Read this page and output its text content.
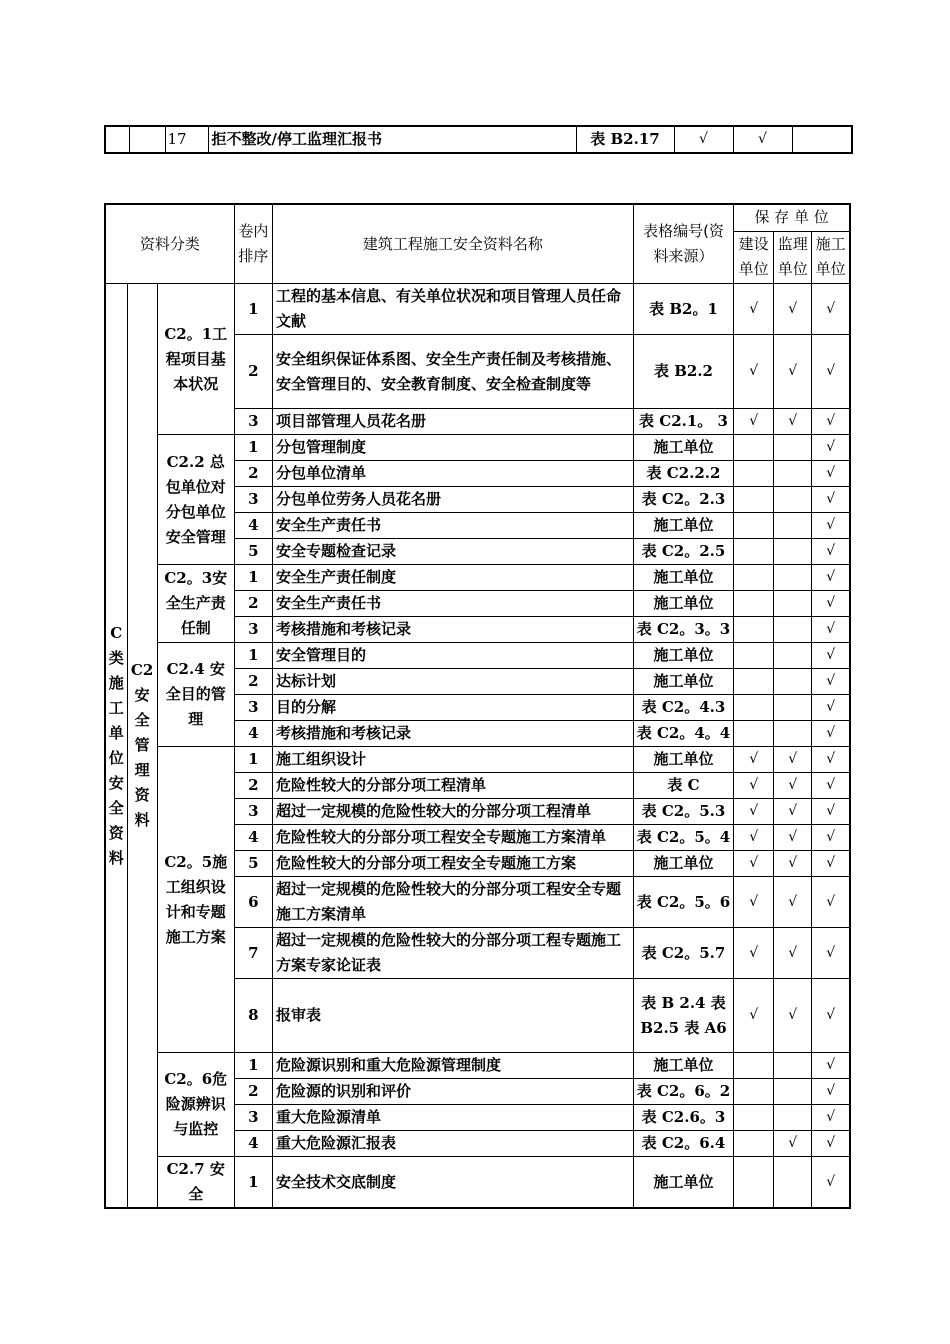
		17	拒不整改/停工监理汇报书	表 B2.17	√	√	
资料分类			卷内排序	建筑工程施工安全资料名称	表格编号(资料来源）	保 存 单 位		
						建设单位	监理单位	施工单位
C类施工单位安全资料	C2安全管理资料	C2。1工程项目基本状况	1	工程的基本信息、有关单位状况和项目管理人员任命文献	表 B2。1	√	√	√
			2	安全组织保证体系图、安全生产责任制及考核措施、安全管理目的、安全教育制度、安全检查制度等	表 B2.2	√	√	√
			3	项目部管理人员花名册	表 C2.1。 3	√	√	√
		C2.2 总包单位对分包单位安全管理	1	分包管理制度	施工单位			√
			2	分包单位清单	表 C2.2.2			√
			3	分包单位劳务人员花名册	表 C2。2.3			√
			4	安全生产责任书	施工单位			√
			5	安全专题检查记录	表 C2。2.5			√
		C2。3安全生产责任制	1	安全生产责任制度	施工单位			√
			2	安全生产责任书	施工单位			√
			3	考核措施和考核记录	表 C2。3。3			√
		C2.4 安全目的管理	1	安全管理目的	施工单位			√
			2	达标计划	施工单位			√
			3	目的分解	表 C2。4.3			√
			4	考核措施和考核记录	表 C2。4。4			√
		C2。5施工组织设计和专题施工方案	1	施工组织设计	施工单位	√	√	√
			2	危险性较大的分部分项工程清单	表 C	√	√	√
			3	超过一定规模的危险性较大的分部分项工程清单	表 C2。5.3	√	√	√
			4	危险性较大的分部分项工程安全专题施工方案清单	表 C2。5。4	√	√	√
			5	危险性较大的分部分项工程安全专题施工方案	施工单位	√	√	√
			6	超过一定规模的危险性较大的分部分项工程安全专题施工方案清单	表 C2。5。6	√	√	√
			7	超过一定规模的危险性较大的分部分项工程专题施工方案专家论证表	表 C2。5.7	√	√	√
			8	报审表	表 B 2.4 表 B2.5 表 A6	√	√	√
		C2。6危险源辨识与监控	1	危险源识别和重大危险源管理制度	施工单位			√
			2	危险源的识别和评价	表 C2。6。2			√
			3	重大危险源清单	表 C2.6。3			√
			4	重大危险源汇报表	表 C2。6.4		√	√
		C2.7 安全	1	安全技术交底制度	施工单位			√
